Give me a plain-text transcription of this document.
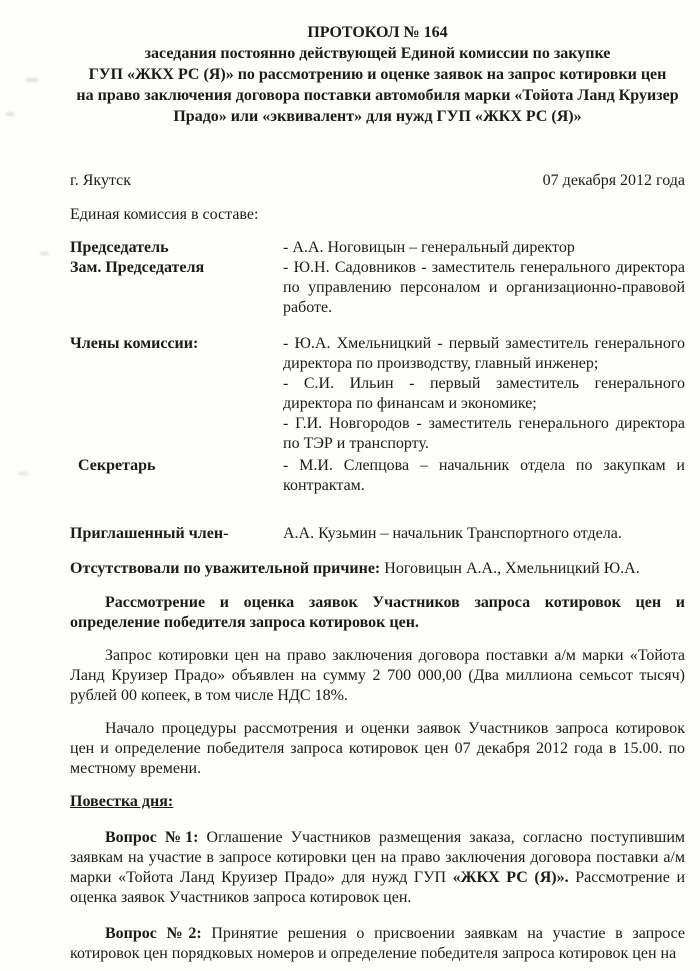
ПРОТОКОЛ № 164
заседания постоянно действующей Единой комиссии по закупке
ГУП «ЖКХ РС (Я)» по рассмотрению и оценке заявок на запрос котировки цен
на право заключения договора поставки автомобиля марки «Тойота Ланд Круизер
Прадо» или «эквивалент» для нужд ГУП «ЖКХ РС (Я)»
г. Якутск	07 декабря 2012 года
Единая комиссия в составе:
Председатель	- А.А. Ноговицын – генеральный директор
Зам. Председателя	- Ю.Н. Садовников - заместитель генерального директора по управлению персоналом и организационно-правовой работе.
Члены комиссии:	- Ю.А. Хмельницкий - первый заместитель генерального директора по производству, главный инженер;
- С.И. Ильин - первый заместитель генерального директора по финансам и экономике;
- Г.И. Новгородов - заместитель генерального директора по ТЭР и транспорту.
Секретарь	- М.И. Слепцова – начальник отдела по закупкам и контрактам.
Приглашенный член-	А.А. Кузьмин – начальник Транспортного отдела.
Отсутствовали по уважительной причине: Ноговицын А.А., Хмельницкий Ю.А.

Рассмотрение и оценка заявок Участников запроса котировок цен и определение победителя запроса котировок цен.

Запрос котировки цен на право заключения договора поставки а/м марки «Тойота Ланд Круизер Прадо» объявлен на сумму 2 700 000,00 (Два миллиона семьсот тысяч) рублей 00 копеек, в том числе НДС 18%.

Начало процедуры рассмотрения и оценки заявок Участников запроса котировок цен и определение победителя запроса котировок цен 07 декабря 2012 года в 15.00. по местному времени.

Повестка дня:

Вопрос №1: Оглашение Участников размещения заказа, согласно поступившим заявкам на участие в запросе котировки цен на право заключения договора поставки а/м марки «Тойота Ланд Круизер Прадо» для нужд ГУП «ЖКХ РС (Я)». Рассмотрение и оценка заявок Участников запроса котировок цен.

Вопрос №2: Принятие решения о присвоении заявкам на участие в запросе котировок цен порядковых номеров и определение победителя запроса котировок цен на
